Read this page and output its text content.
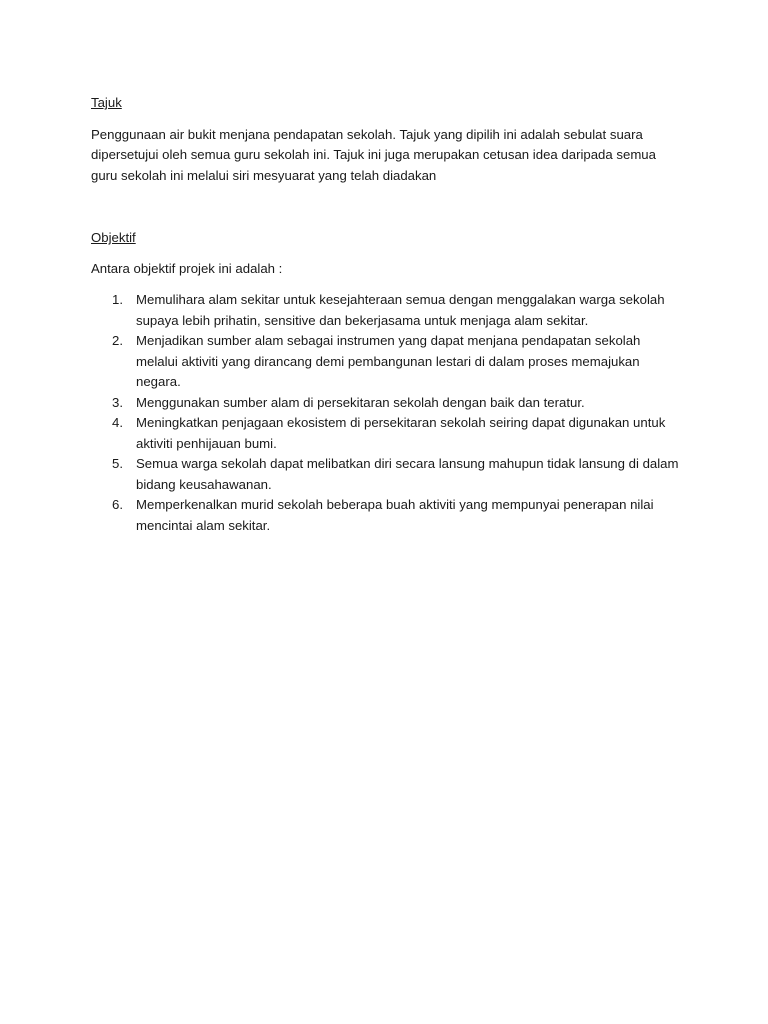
Tajuk

Penggunaan air bukit menjana pendapatan sekolah. Tajuk yang dipilih ini adalah sebulat suara dipersetujui oleh semua guru sekolah ini. Tajuk ini juga merupakan cetusan idea daripada semua guru sekolah ini melalui siri mesyuarat yang telah diadakan

Objektif

Antara objektif projek ini adalah :

1. Memulihara alam sekitar untuk kesejahteraan semua dengan menggalakan warga sekolah supaya lebih prihatin, sensitive dan bekerjasama untuk menjaga alam sekitar.
2. Menjadikan sumber alam sebagai instrumen yang dapat menjana pendapatan sekolah melalui aktiviti yang dirancang demi pembangunan lestari di dalam proses memajukan negara.
3. Menggunakan sumber alam di persekitaran sekolah dengan baik dan teratur.
4. Meningkatkan penjagaan ekosistem di persekitaran sekolah seiring dapat digunakan untuk aktiviti penhijauan bumi.
5. Semua warga sekolah dapat melibatkan diri secara lansung mahupun tidak lansung di dalam bidang keusahawanan.
6. Memperkenalkan murid sekolah beberapa buah aktiviti yang mempunyai penerapan nilai mencintai alam sekitar.
